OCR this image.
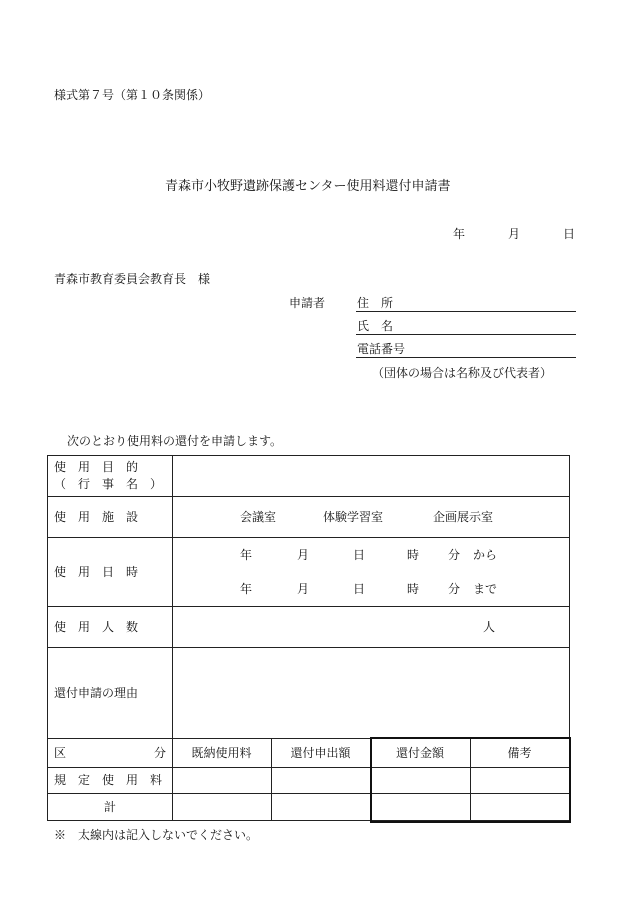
様式第７号（第１０条関係）
青森市小牧野遺跡保護センター使用料還付申請書
年	月	日
青森市教育委員会教育長　様
申請者	住　所
氏　名
電話番号
（団体の場合は名称及び代表者）
次のとおり使用料の還付を申請します。
使　用　目　的
（　行　事　名　）
使　用　施　設	会議室	体験学習室	企画展示室
使　用　日　時
年	月	日	時 分 から
年	月	日	時 分 まで
使　用　人　数	人
還付申請の理由
区	分	既納使用料	還付申出額	還付金額	備考
規　定　使　用　料
計
※　太線内は記入しないでください。
